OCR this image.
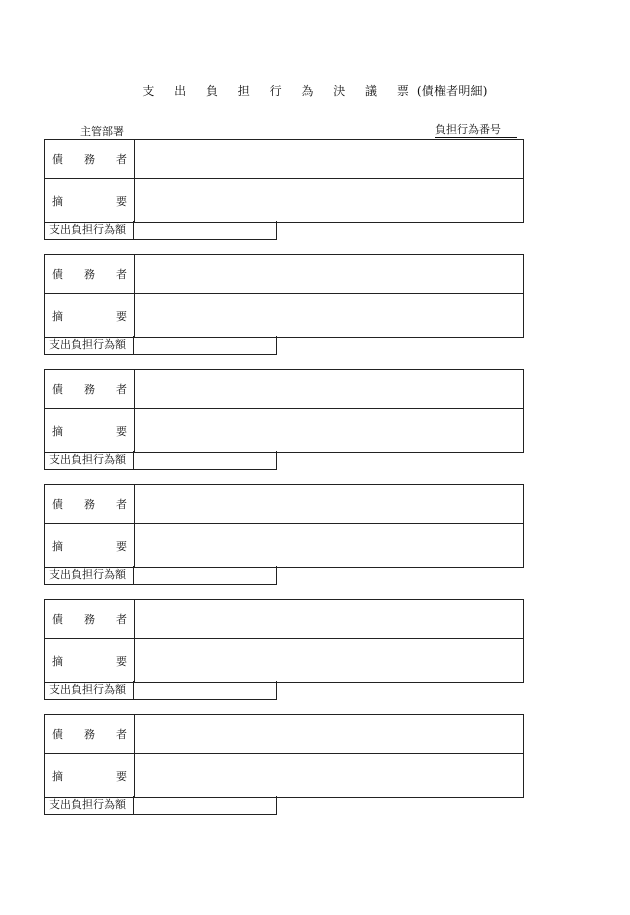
支 出 負 担 行 為 決 議 票(債権者明細)
主管部署	負担行為番号
債 務 者
摘	要
支出負担行為額
債 務 者
摘	要
支出負担行為額
債 務 者
摘	要
支出負担行為額
債 務 者
摘	要
支出負担行為額
債 務 者
摘	要
支出負担行為額
債 務 者
摘	要
支出負担行為額
